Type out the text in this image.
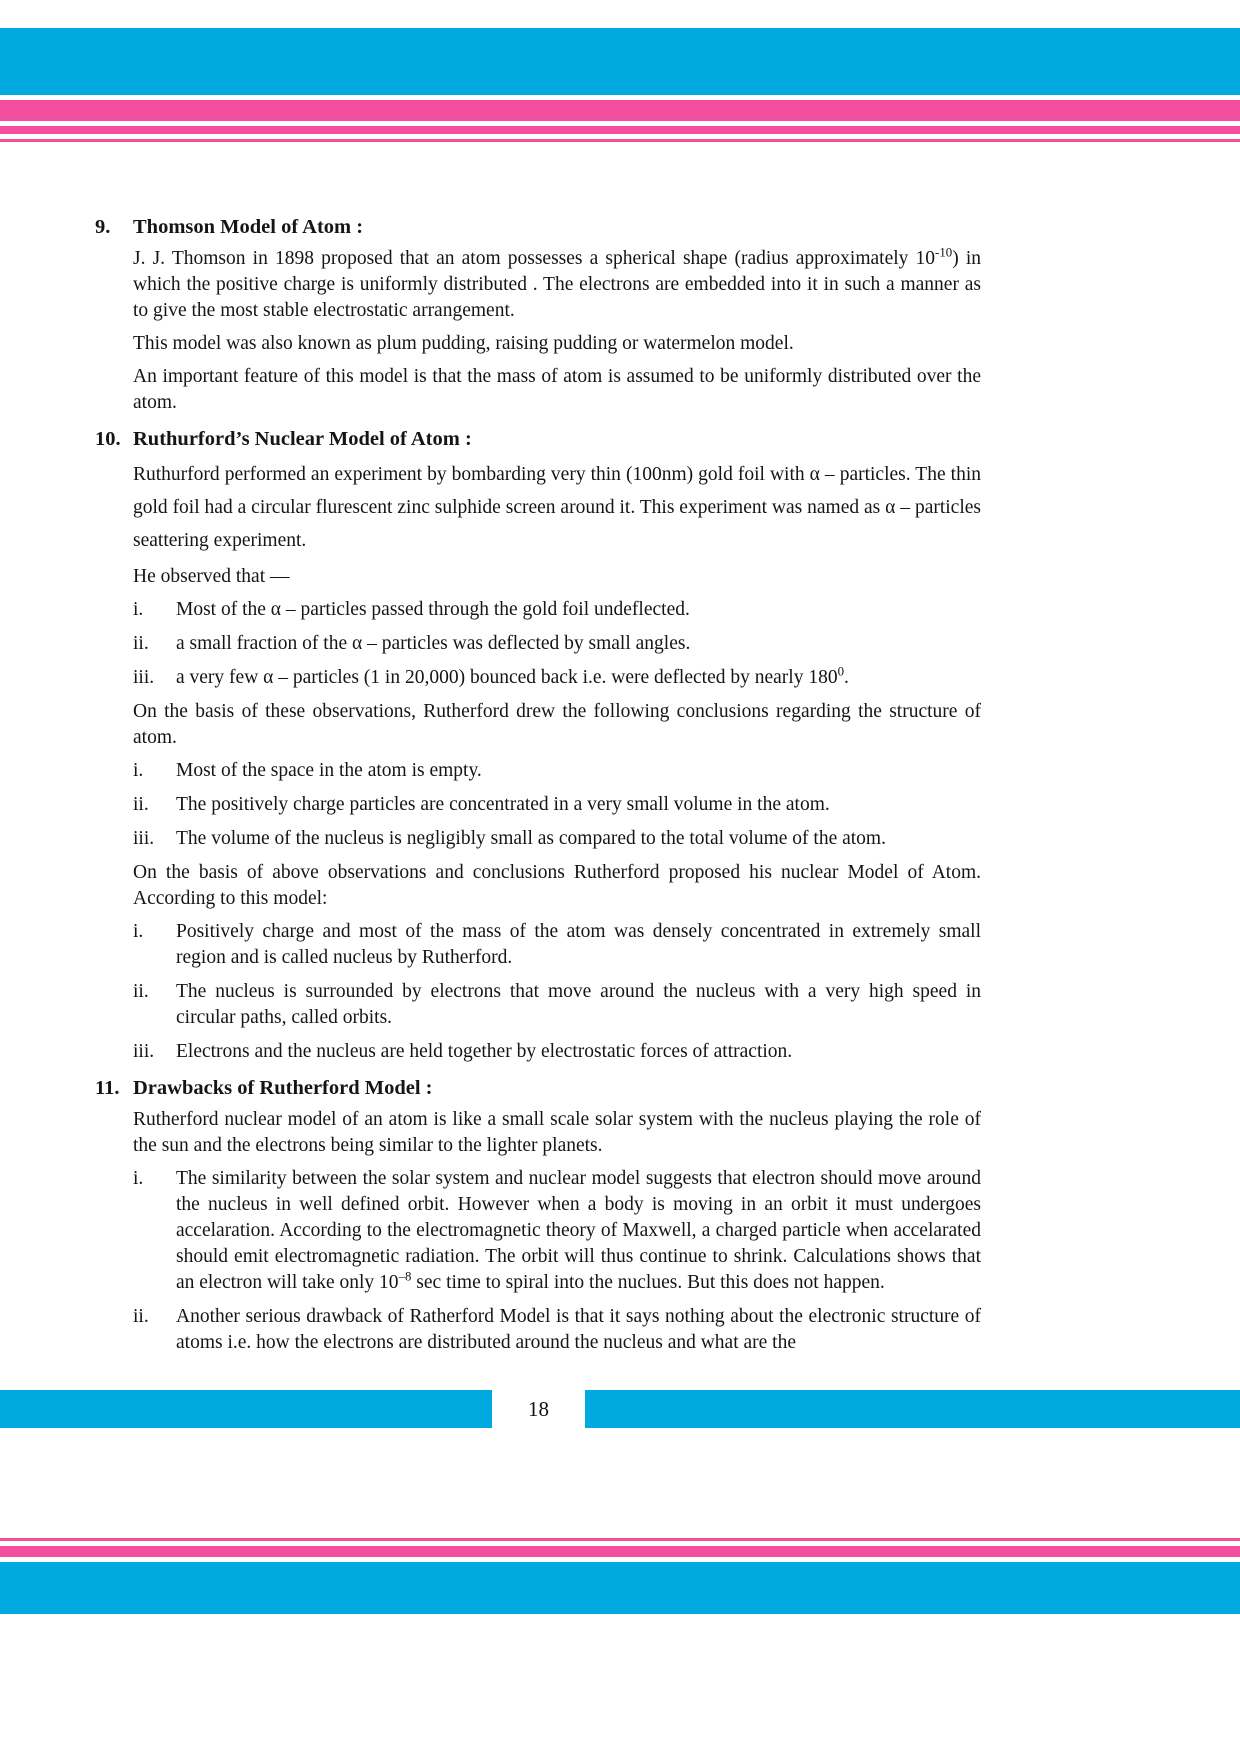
9.	Thomson Model of Atom :

J. J. Thomson in 1898 proposed that an atom possesses a spherical shape (radius approximately $10^{-10}$) in which the positive charge is uniformly distributed . The electrons are embedded into it in such a manner as to give the most stable electrostatic arrangement.

This model was also known as plum pudding, raising pudding or watermelon model.

An important feature of this model is that the mass of atom is assumed to be uniformly distributed over the atom.

10. Ruthurford’s Nuclear Model of Atom :

Ruthurford performed an experiment by bombarding very thin (100nm) gold foil with α – particles. The thin gold foil had a circular flurescent zinc sulphide screen around it. This experiment was named as α – particles seattering experiment.

He observed that —

i.	Most of the α – particles passed through the gold foil undeflected.
ii.	a small fraction of the α – particles was deflected by small angles.
iii.	a very few α – particles (1 in 20,000) bounced back i.e. were deflected by nearly $180^0$.

On the basis of these observations, Rutherford drew the following conclusions regarding the structure of atom.

i.	Most of the space in the atom is empty.
ii.	The positively charge particles are concentrated in a very small volume in the atom.
iii.	The volume of the nucleus is negligibly small as compared to the total volume of the atom.

On the basis of above observations and conclusions Rutherford proposed his nuclear Model of Atom. According to this model:

i.	Positively charge and most of the mass of the atom was densely concentrated in extremely small region and is called nucleus by Rutherford.
ii.	The nucleus is surrounded by electrons that move around the nucleus with a very high speed in circular paths, called orbits.
iii.	Electrons and the nucleus are held together by electrostatic forces of attraction.
11. Drawbacks of Rutherford Model :

Rutherford nuclear model of an atom is like a small scale solar system with the nucleus playing the role of the sun and the electrons being similar to the lighter planets.

i.	The similarity between the solar system and nuclear model suggests that electron should move around the nucleus in well defined orbit. However when a body is moving in an orbit it must undergoes accelaration. According to the electromagnetic theory of Maxwell, a charged particle when accelarated should emit electromagnetic radiation. The orbit will thus continue to shrink. Calculations shows that an electron will take only $10^{-8}$ sec time to spiral into the nuclues. But this does not happen.
ii.	Another serious drawback of Ratherford Model is that it says nothing about the electronic structure of atoms i.e. how the electrons are distributed around the nucleus and what are the
18
